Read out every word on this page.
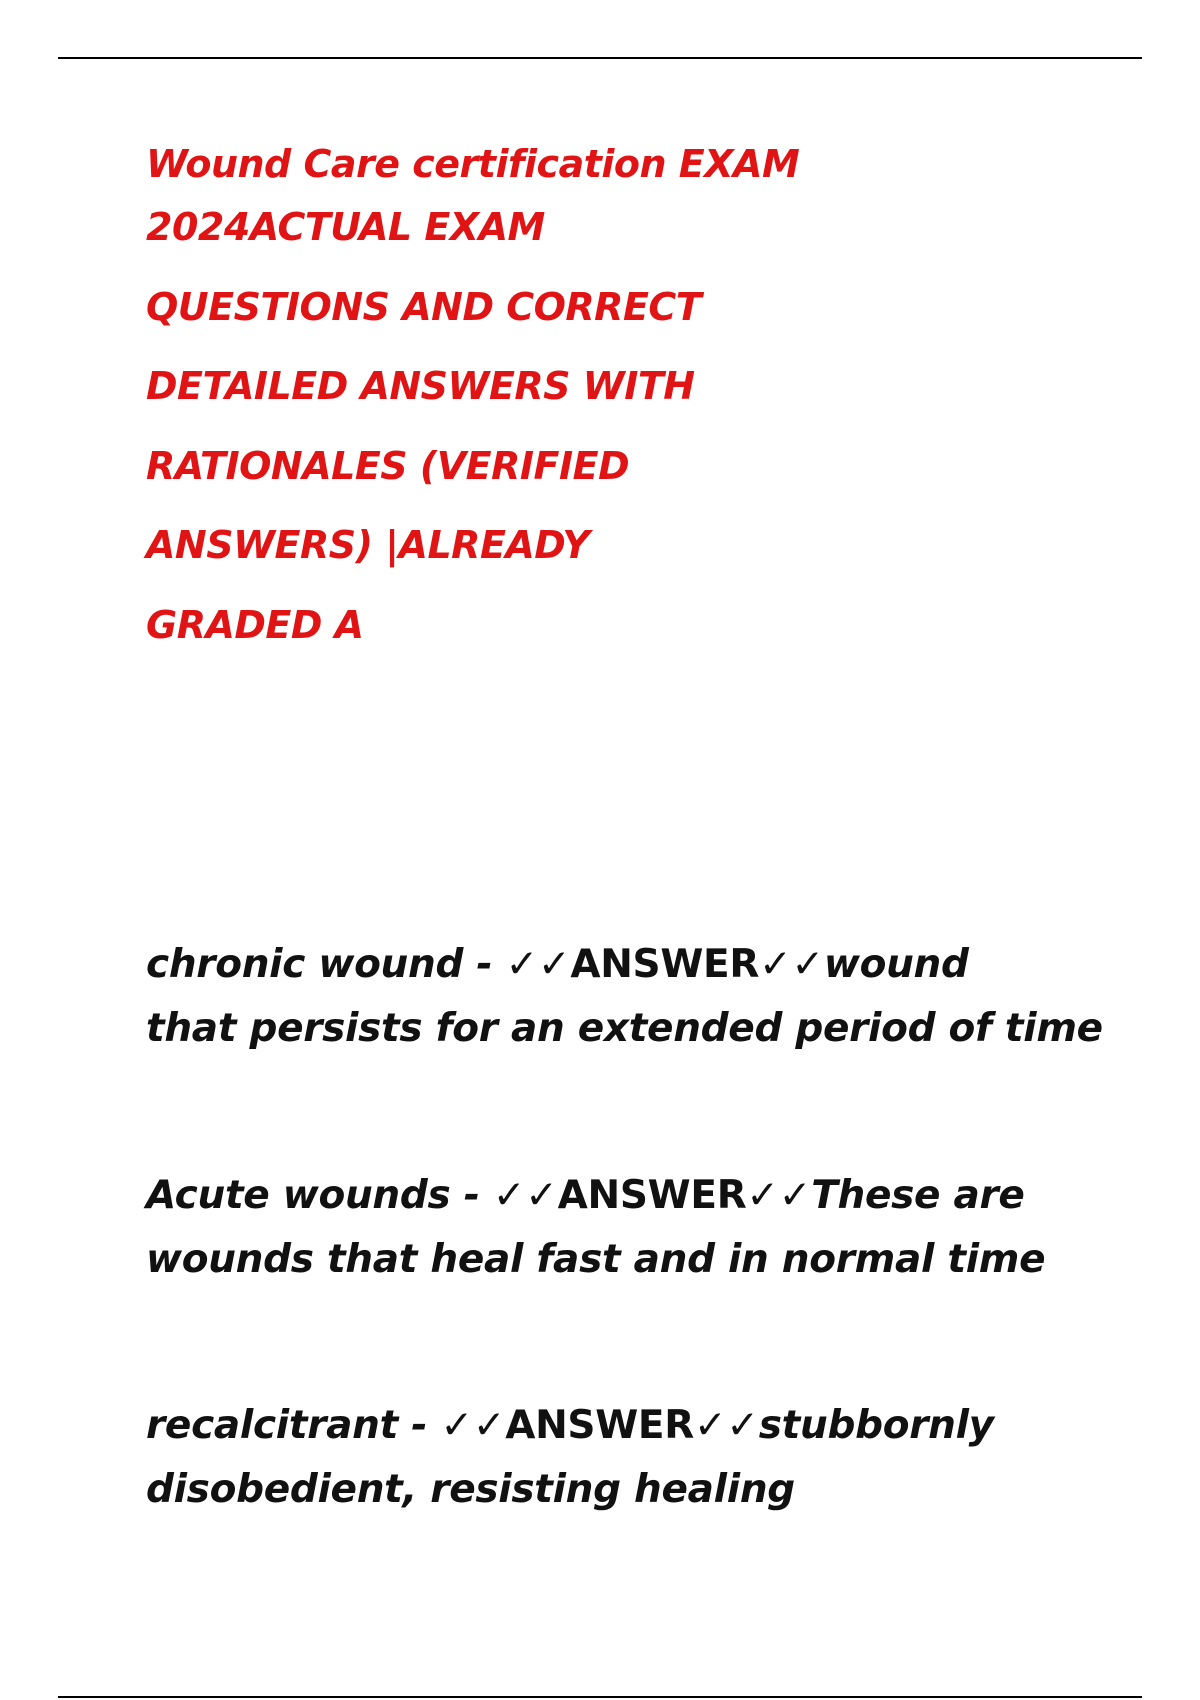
Wound Care certification EXAM
2024ACTUAL EXAM
QUESTIONS AND CORRECT
DETAILED ANSWERS WITH
RATIONALES (VERIFIED
ANSWERS) |ALREADY
GRADED A
chronic wound - ✓✓ANSWER✓✓wound
that persists for an extended period of time
Acute wounds - ✓✓ANSWER✓✓These are
wounds that heal fast and in normal time
recalcitrant - ✓✓ANSWER✓✓stubbornly
disobedient, resisting healing
